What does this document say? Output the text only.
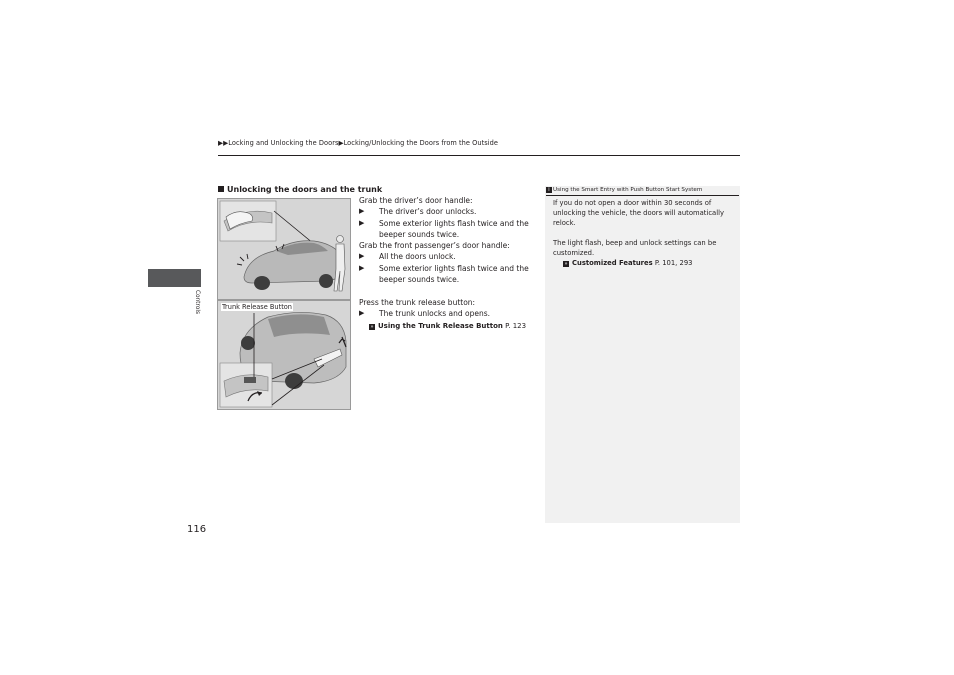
▶▶Locking and Unlocking the Doors▶Locking/Unlocking the Doors from the Outside
Controls
Unlocking the doors and the trunk
Trunk Release Button
Grab the driver’s door handle:
▶	The driver’s door unlocks.
▶	Some exterior lights flash twice and the
beeper sounds twice.
Grab the front passenger’s door handle:
▶	All the doors unlock.
▶	Some exterior lights flash twice and the
beeper sounds twice.
Press the trunk release button:
▶	The trunk unlocks and opens.
» Using the Trunk Release Button P. 123
i Using the Smart Entry with Push Button Start System

If you do not open a door within 30 seconds of
unlocking the vehicle, the doors will automatically
relock.

The light flash, beep and unlock settings can be
customized.
» Customized Features P. 101, 293

116
